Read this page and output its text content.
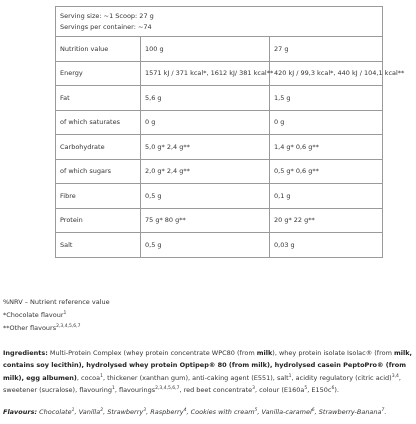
Serving size: ~1 Scoop: 27 g
Servings per container: ~74		

Nutrition value	100 g	27 g
Energy	1571 kJ / 371 kcal*, 1612 kJ/ 381 kcal**	420 kJ / 99,3 kcal*, 440 kJ / 104,1 kcal**
Fat	5,6 g	1,5 g
of which saturates	0 g	0 g
Carbohydrate	5,0 g* 2,4 g**	1,4 g* 0,6 g**
of which sugars	2,0 g* 2,4 g**	0,5 g* 0,6 g**
Fibre	0,5 g	0,1 g
Protein	75 g* 80 g**	20 g* 22 g**
Salt	0,5 g	0,03 g
%NRV – Nutrient reference value
*Chocolate flavour$^1$
**Other flavours$^{2,3,4,5,6,7}$
Ingredients: Multi-Protein Complex (whey protein concentrate WPC80 (from milk), whey protein isolate Isolac® (from milk, contains soy lecithin), hydrolysed whey protein Optipep® 80 (from milk), hydrolysed casein PeptoPro® (from milk), egg albumen), cocoa$^1$, thickener (xanthan gum), anti-caking agent (E551), salt$^1$, acidity regulatory (citric acid)$^{3,4}$, sweetener (sucralose), flavouring$^1$, flavourings$^{2,3,4,5,6,7}$, red beet concentrate$^3$, colour ($E160a^5$, $E150c^6$).
Flavours: Chocolate$^1$, Vanilla$^2$, Strawberry$^3$, Raspberry$^4$, Cookies with cream$^5$, Vanilla-caramel$^6$, Strawberry-Banana$^7$.
